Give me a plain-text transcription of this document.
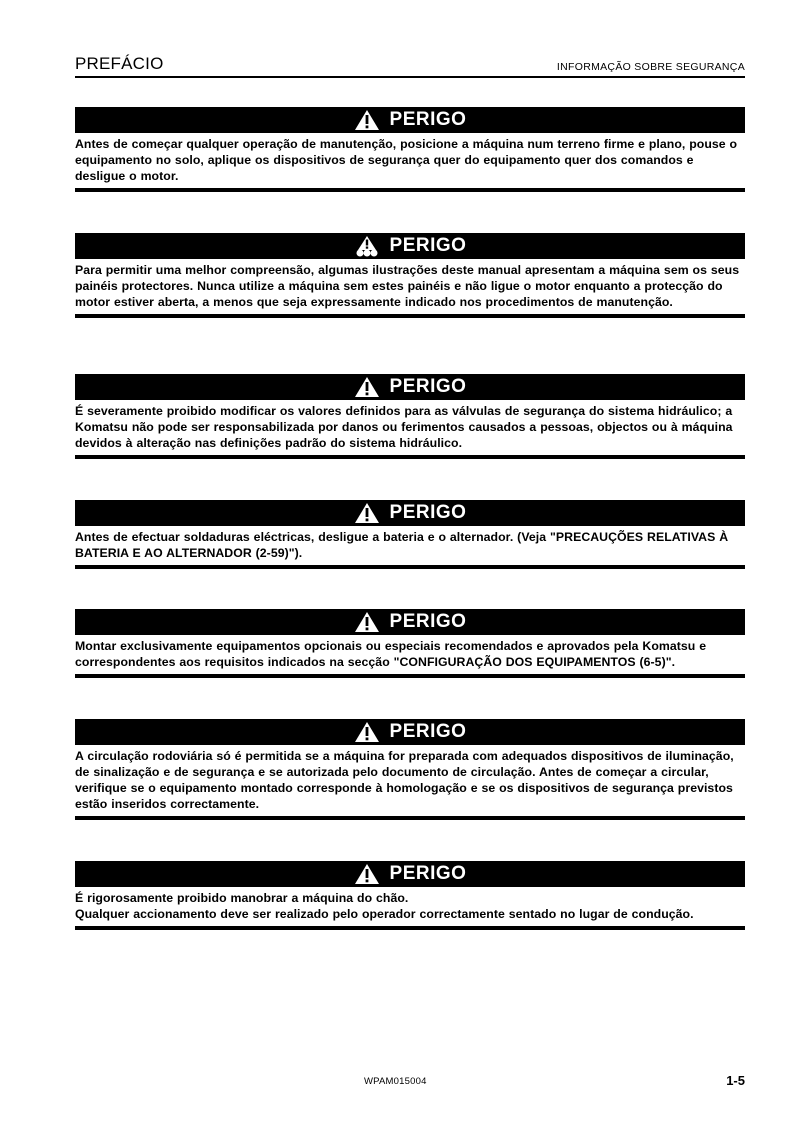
PREFÁCIO	INFORMAÇÃO SOBRE SEGURANÇA
PERIGO

Antes de começar qualquer operação de manutenção, posicione a máquina num terreno firme e plano, pouse o equipamento no solo, aplique os dispositivos de segurança quer do equipamento quer dos comandos e desligue o motor.

PERIGO

Para permitir uma melhor compreensão, algumas ilustrações deste manual apresentam a máquina sem os seus painéis protectores. Nunca utilize a máquina sem estes painéis e não ligue o motor enquanto a protecção do motor estiver aberta, a menos que seja expressamente indicado nos procedimentos de manutenção.

PERIGO

É severamente proibido modificar os valores definidos para as válvulas de segurança do sistema hidráulico; a Komatsu não pode ser responsabilizada por danos ou ferimentos causados a pessoas, objectos ou à máquina devidos à alteração nas definições padrão do sistema hidráulico.

PERIGO

Antes de efectuar soldaduras eléctricas, desligue a bateria e o alternador. (Veja "PRECAUÇÕES RELATIVAS À BATERIA E AO ALTERNADOR (2-59)").

PERIGO

Montar exclusivamente equipamentos opcionais ou especiais recomendados e aprovados pela Komatsu e correspondentes aos requisitos indicados na secção "CONFIGURAÇÃO DOS EQUIPAMENTOS (6-5)".

PERIGO

A circulação rodoviária só é permitida se a máquina for preparada com adequados dispositivos de iluminação, de sinalização e de segurança e se autorizada pelo documento de circulação. Antes de começar a circular, verifique se o equipamento montado corresponde à homologação e se os dispositivos de segurança previstos estão inseridos correctamente.

PERIGO

É rigorosamente proibido manobrar a máquina do chão.

Qualquer accionamento deve ser realizado pelo operador correctamente sentado no lugar de condução.

WPAM015004	1-5
